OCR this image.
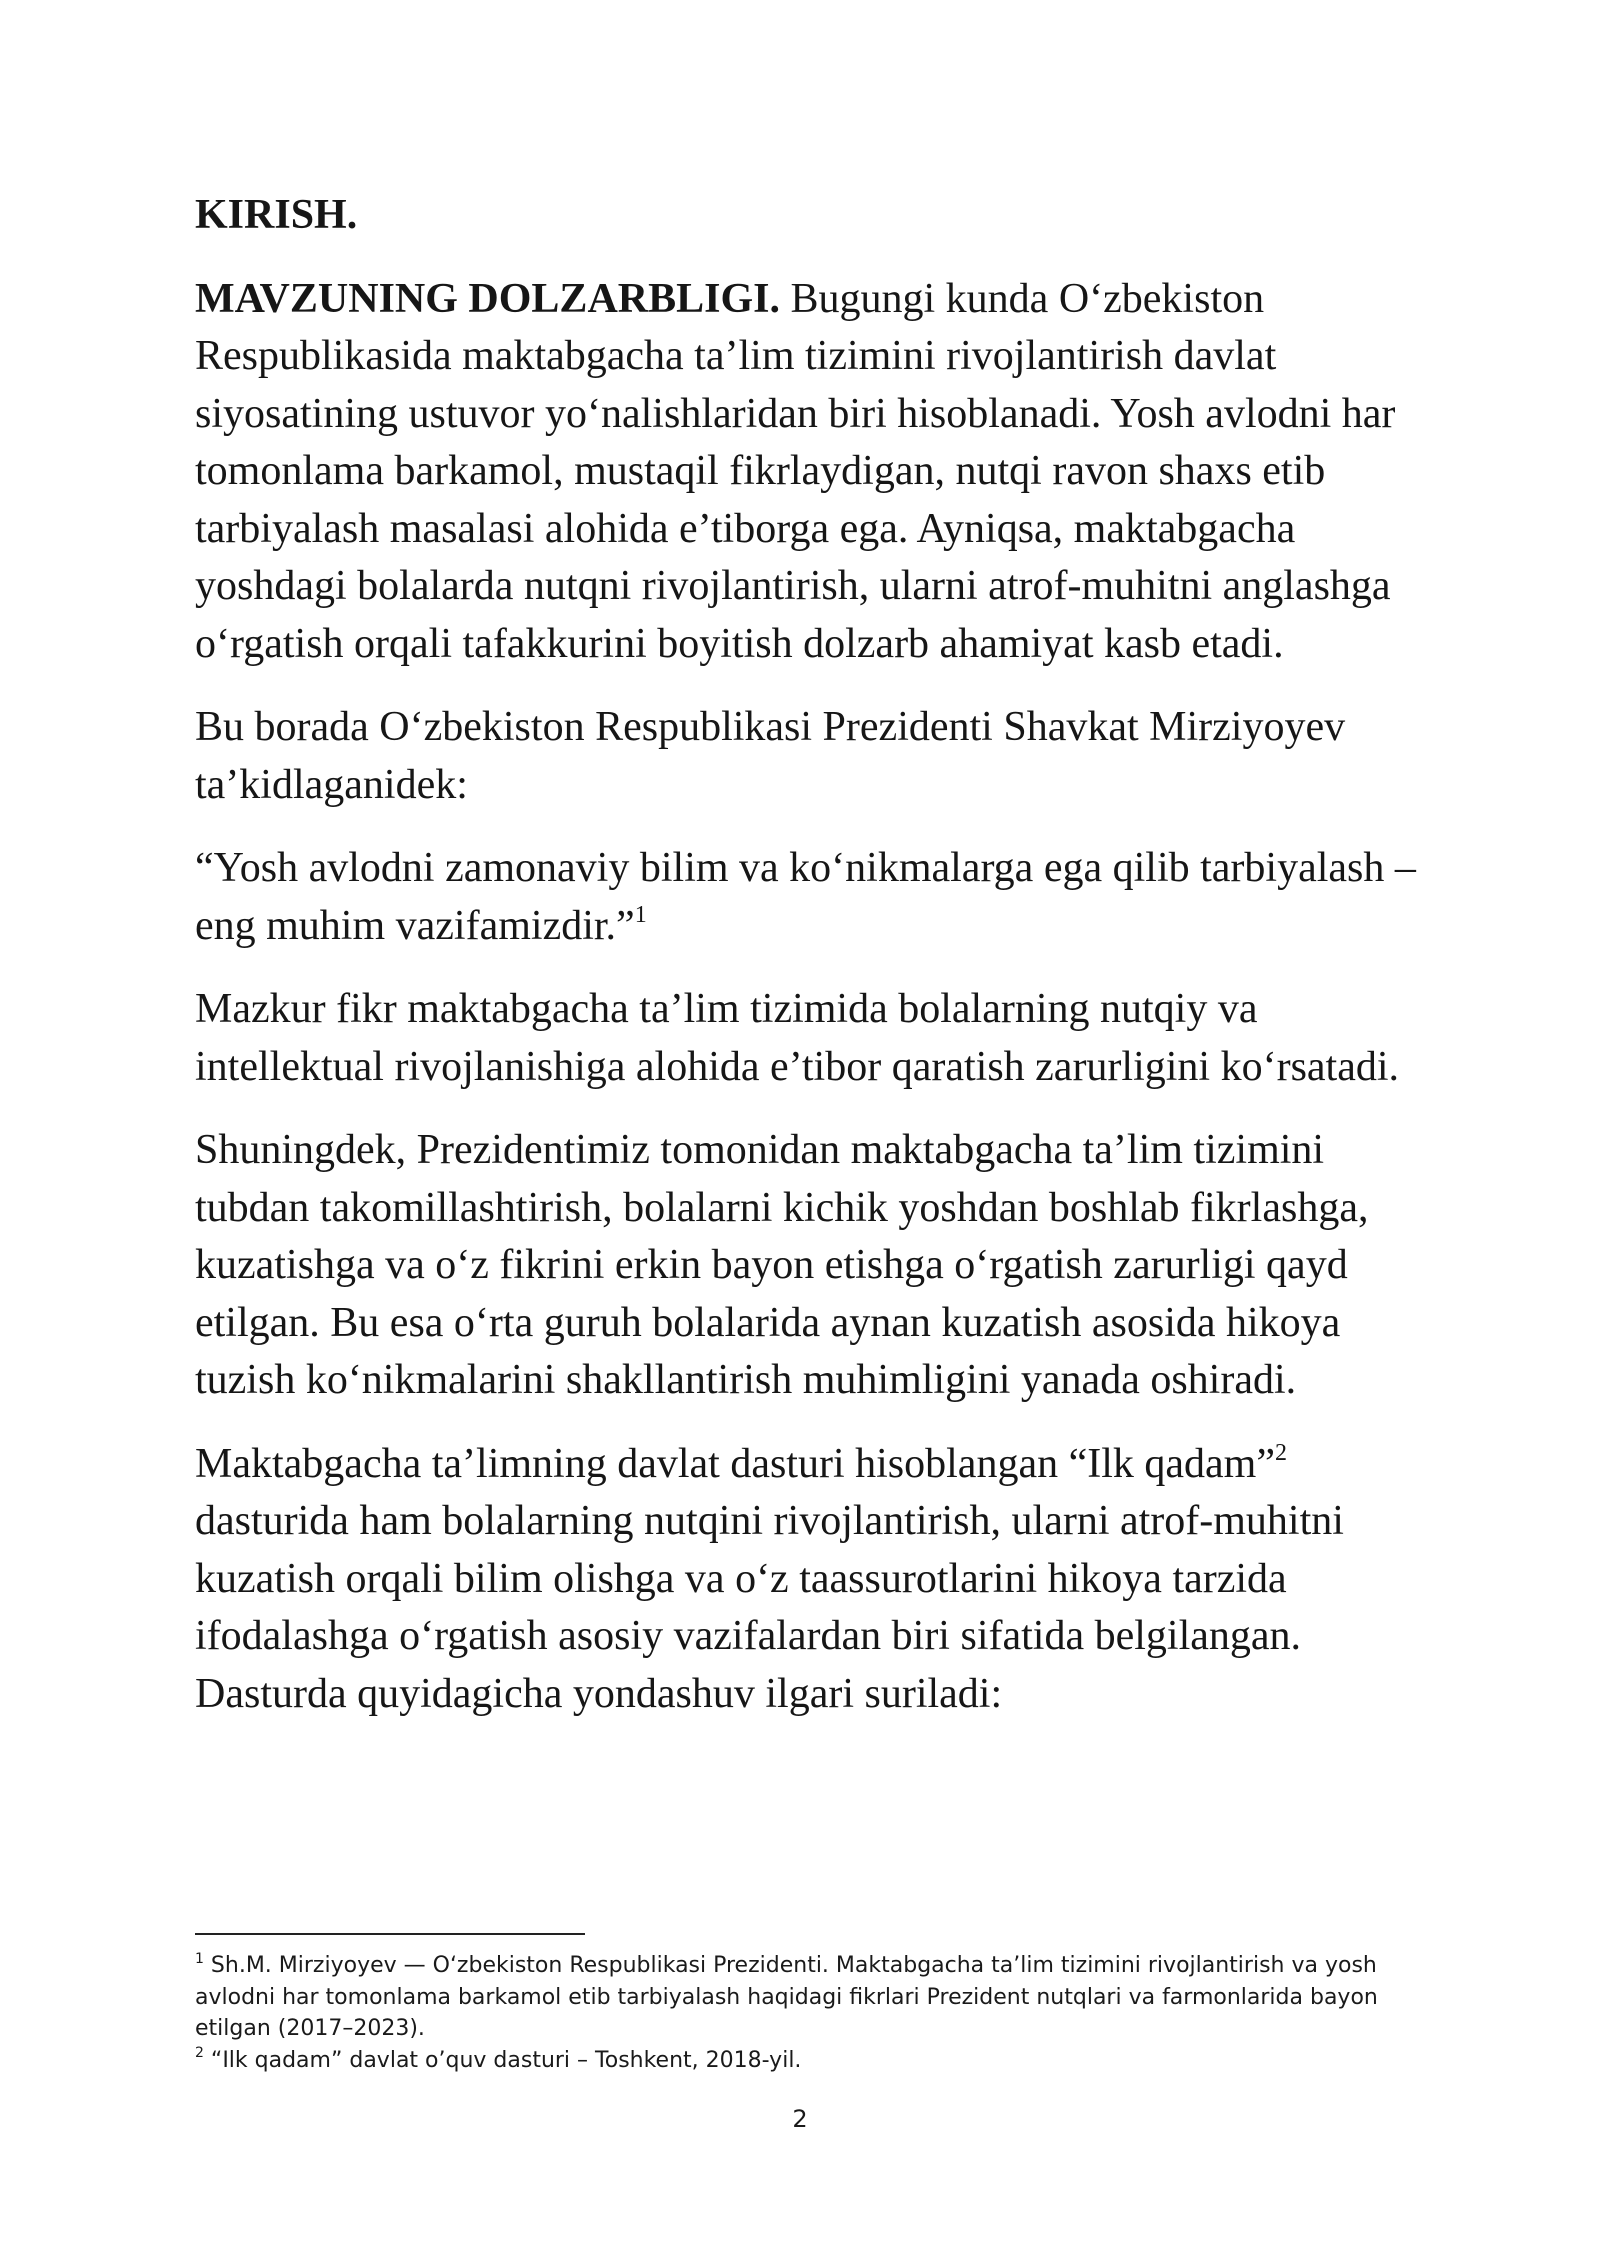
KIRISH.

MAVZUNING DOLZARBLIGI. Bugungi kunda O‘zbekiston Respublikasida maktabgacha ta’lim tizimini rivojlantirish davlat siyosatining ustuvor yo‘nalishlaridan biri hisoblanadi. Yosh avlodni har tomonlama barkamol, mustaqil fikrlaydigan, nutqi ravon shaxs etib tarbiyalash masalasi alohida e’tiborga ega. Ayniqsa, maktabgacha yoshdagi bolalarda nutqni rivojlantirish, ularni atrof-muhitni anglashga o‘rgatish orqali tafakkurini boyitish dolzarb ahamiyat kasb etadi.

Bu borada O‘zbekiston Respublikasi Prezidenti Shavkat Mirziyoyev ta’kidlaganidek:

“Yosh avlodni zamonaviy bilim va ko‘nikmalarga ega qilib tarbiyalash – eng muhim vazifamizdir.”$^1$

Mazkur fikr maktabgacha ta’lim tizimida bolalarning nutqiy va intellektual rivojlanishiga alohida e’tibor qaratish zarurligini ko‘rsatadi.

Shuningdek, Prezidentimiz tomonidan maktabgacha ta’lim tizimini tubdan takomillashtirish, bolalarni kichik yoshdan boshlab fikrlashga, kuzatishga va o‘z fikrini erkin bayon etishga o‘rgatish zarurligi qayd etilgan. Bu esa o‘rta guruh bolalarida aynan kuzatish asosida hikoya tuzish ko‘nikmalarini shakllantirish muhimligini yanada oshiradi.

Maktabgacha ta’limning davlat dasturi hisoblangan “Ilk qadam”$^2$ dasturida ham bolalarning nutqini rivojlantirish, ularni atrof-muhitni kuzatish orqali bilim olishga va o‘z taassurotlarini hikoya tarzida ifodalashga o‘rgatish asosiy vazifalardan biri sifatida belgilangan. Dasturda quyidagicha yondashuv ilgari suriladi:

$^1$ Sh.M. Mirziyoyev — O‘zbekiston Respublikasi Prezidenti. Maktabgacha ta’lim tizimini rivojlantirish va yosh avlodni har tomonlama barkamol etib tarbiyalash haqidagi fikrlari Prezident nutqlari va farmonlarida bayon etilgan (2017–2023).

$^2$ “Ilk qadam” davlat o’quv dasturi – Toshkent, 2018-yil.

2
